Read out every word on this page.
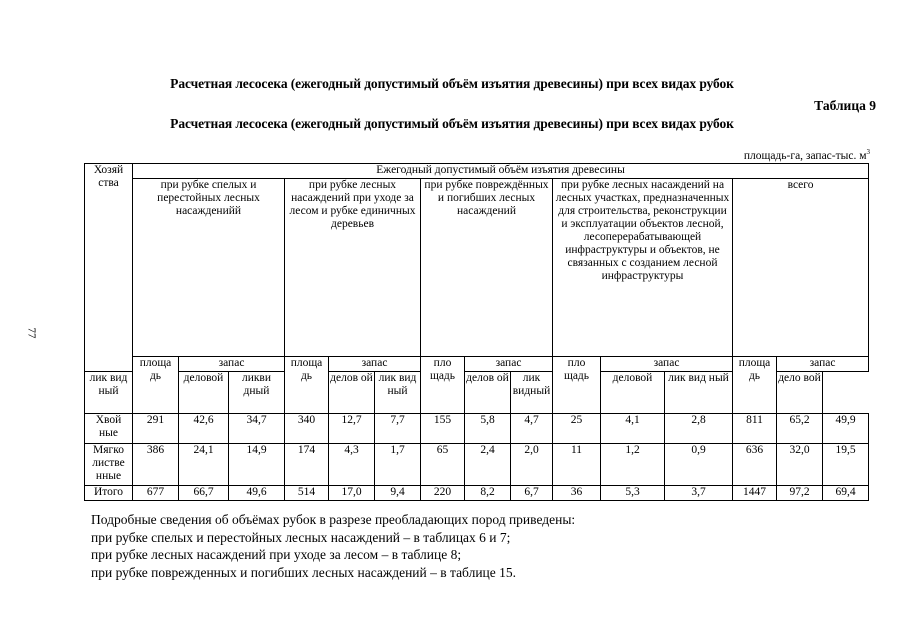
77
Расчетная лесосека (ежегодный допустимый объём изъятия древесины) при всех видах рубок
Таблица 9
Расчетная лесосека (ежегодный допустимый объём изъятия древесины) при всех видах рубок
площадь-га, запас-тыс. $м^3$
Хозяй ства	Ежегодный допустимый объём изъятия древесины														
	при рубке спелых и перестойных лесных насажденийй			при рубке лесных насаждений при уходе за лесом и рубке единичных деревьев			при рубке повреждённых и погибших лесных насаждений			при рубке лесных насаждений на лесных участках, предназначенных для строительства, реконструкции и эксплуатации объектов лесной, лесоперерабатывающей инфраструктуры и объектов, не связанных с созданием лесной инфраструктуры			всего		
	площа дь	запас		площа дь	запас		пло щадь	запас		пло щадь	запас		площа дь	запас	
лик вид ный		деловой	ликви дный		делов ой	лик вид ный		делов ой	лик видный		деловой	лик вид ный		дело вой	
Хвой ные	291	42,6	34,7	340	12,7	7,7	155	5,8	4,7	25	4,1	2,8	811	65,2	49,9
Мягко листве нные	386	24,1	14,9	174	4,3	1,7	65	2,4	2,0	11	1,2	0,9	636	32,0	19,5
Итого	677	66,7	49,6	514	17,0	9,4	220	8,2	6,7	36	5,3	3,7	1447	97,2	69,4
Подробные сведения об объёмах рубок в разрезе преобладающих пород приведены:
при рубке спелых и перестойных лесных насаждений – в таблицах 6 и 7;
при рубке лесных насаждений при уходе за лесом – в таблице 8;
при рубке поврежденных и погибших лесных насаждений – в таблице 15.
